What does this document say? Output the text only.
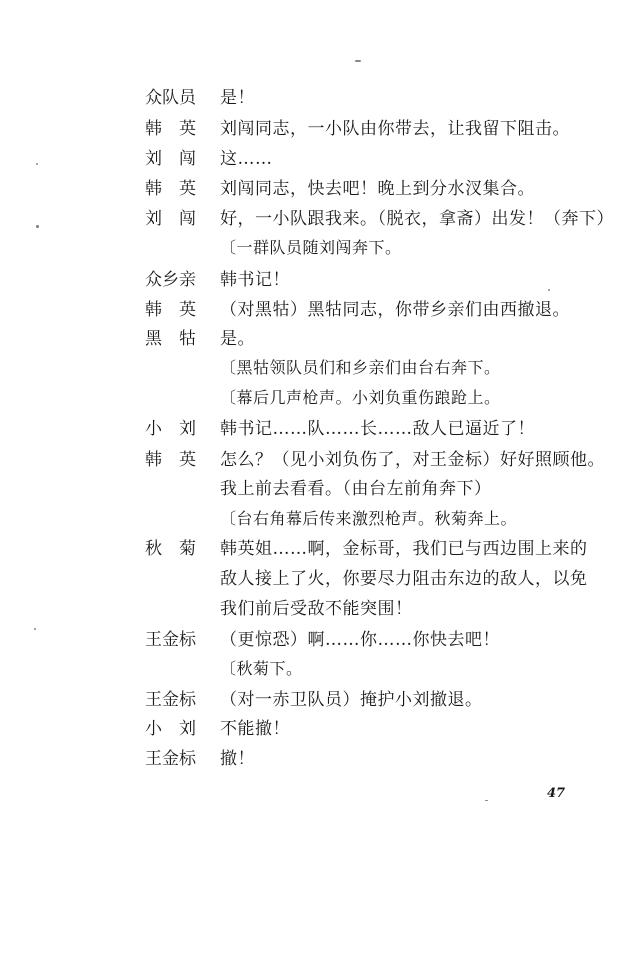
众队员 是！
韩　英 刘闯同志，一小队由你带去，让我留下阻击。
刘　闯 这……
韩　英 刘闯同志，快去吧！晚上到分水汊集合。
刘　闯 好，一小队跟我来。（脱衣，拿斋）出发！（奔下）
〔一群队员随刘闯奔下。
众乡亲 韩书记！
韩　英 （对黑牯）黑牯同志，你带乡亲们由西撤退。
黑　牯 是。
〔黑牯领队员们和乡亲们由台右奔下。
〔幕后几声枪声。小刘负重伤踉跄上。
小　刘 韩书记……队……长……敌人已逼近了！
韩　英 怎么？（见小刘负伤了，对王金标）好好照顾他。
我上前去看看。（由台左前角奔下）
〔台右角幕后传来激烈枪声。秋菊奔上。
秋　菊 韩英姐……啊，金标哥，我们已与西边围上来的
敌人接上了火，你要尽力阻击东边的敌人，以免
我们前后受敌不能突围！
王金标 （更惊恐）啊……你……你快去吧！
〔秋菊下。
王金标 （对一赤卫队员）掩护小刘撤退。
小　刘 不能撤！
王金标 撤！
47
